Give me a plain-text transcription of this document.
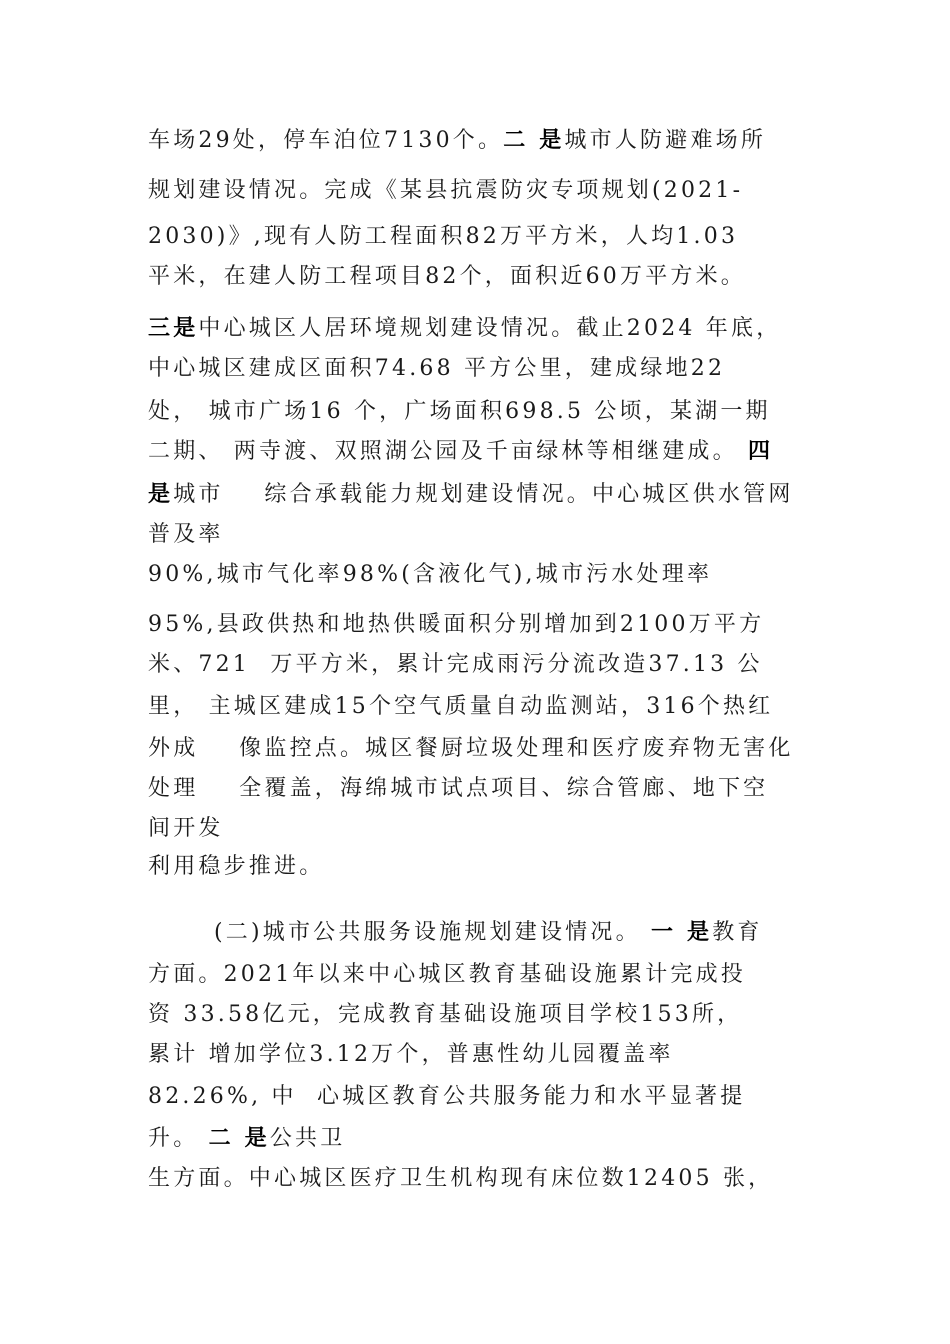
车场29处，停车泊位7130个。二 是城市人防避难场所
规划建设情况。完成《某县抗震防灾专项规划(2021-
2030)》,现有人防工程面积82万平方米，人均1.03
平米，在建人防工程项目82个，面积近60万平方米。
三是中心城区人居环境规划建设情况。截止2024 年底，
中心城区建成区面积74.68 平方公里，建成绿地22
处， 城市广场16 个，广场面积698.5 公顷，某湖一期
二期、 两寺渡、双照湖公园及千亩绿林等相继建成。 四
是城市    综合承载能力规划建设情况。中心城区供水管网
普及率
90%,城市气化率98%(含液化气),城市污水处理率
95%,县政供热和地热供暖面积分别增加到2100万平方
米、721  万平方米，累计完成雨污分流改造37.13 公
里， 主城区建成15个空气质量自动监测站，316个热红
外成    像监控点。城区餐厨垃圾处理和医疗废弃物无害化
处理    全覆盖，海绵城市试点项目、综合管廊、地下空
间开发
利用稳步推进。
(二)城市公共服务设施规划建设情况。 一 是教育
方面。2021年以来中心城区教育基础设施累计完成投
资 33.58亿元，完成教育基础设施项目学校153所，
累计 增加学位3.12万个，普惠性幼儿园覆盖率
82.26%, 中  心城区教育公共服务能力和水平显著提
升。 二 是公共卫
生方面。中心城区医疗卫生机构现有床位数12405 张，
